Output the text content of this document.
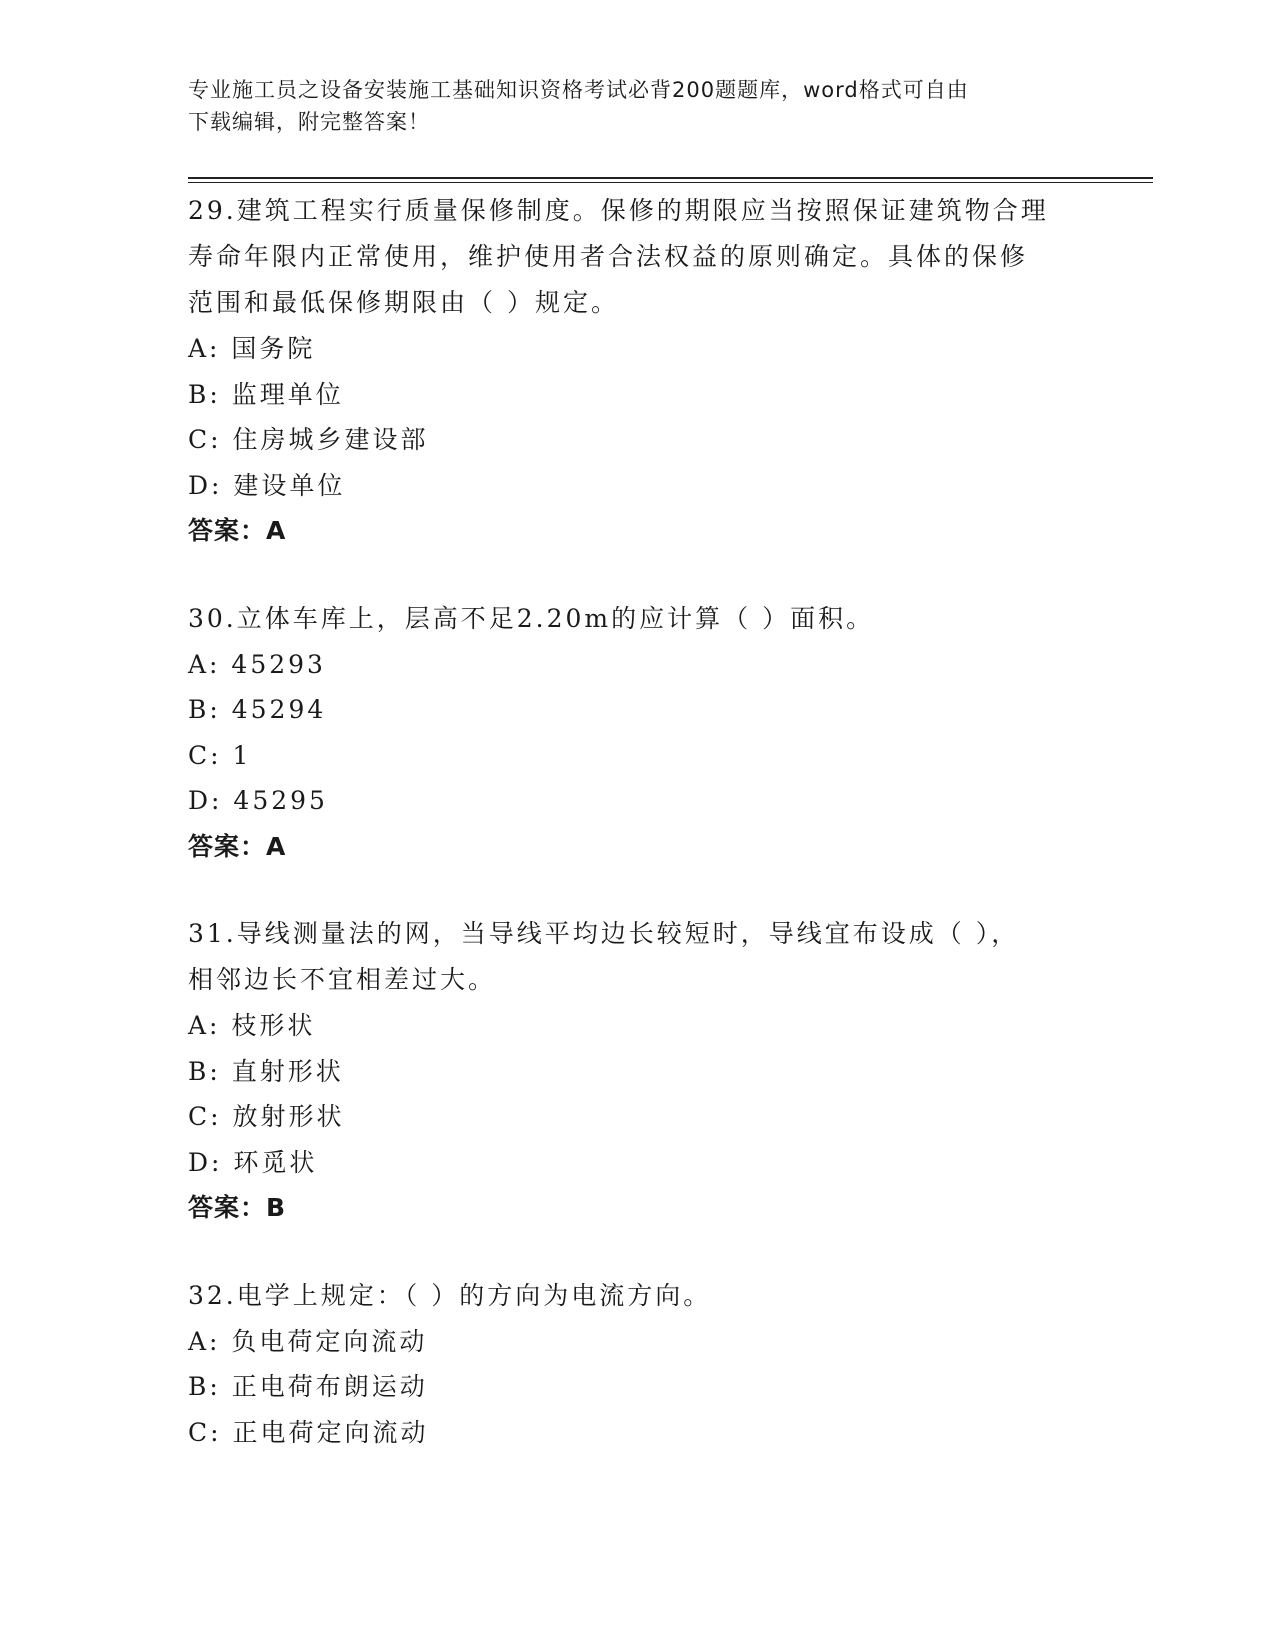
专业施工员之设备安装施工基础知识资格考试必背200题题库，word格式可自由
下载编辑，附完整答案！
29.建筑工程实行质量保修制度。保修的期限应当按照保证建筑物合理
寿命年限内正常使用，维护使用者合法权益的原则确定。具体的保修
范围和最低保修期限由（ ）规定。
A: 国务院
B: 监理单位
C: 住房城乡建设部
D: 建设单位
答案：A
30.立体车库上，层高不足2.20m的应计算（ ）面积。
A: 45293
B: 45294
C: 1
D: 45295
答案：A
31.导线测量法的网，当导线平均边长较短时，导线宜布设成（ ），
相邻边长不宜相差过大。
A: 枝形状
B: 直射形状
C: 放射形状
D: 环觅状
答案：B
32.电学上规定：（ ）的方向为电流方向。
A: 负电荷定向流动
B: 正电荷布朗运动
C: 正电荷定向流动
